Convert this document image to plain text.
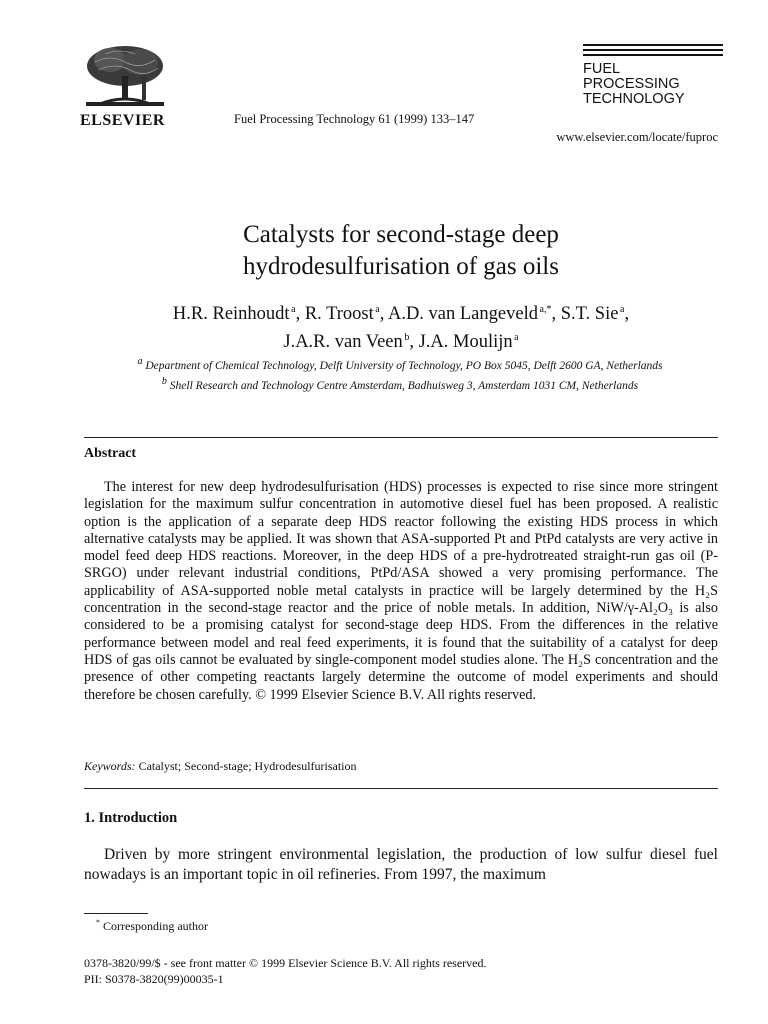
ELSEVIER	Fuel Processing Technology 61 (1999) 133–147
FUEL
PROCESSING
TECHNOLOGY
www.elsevier.com/locate/fuproc
Catalysts for second-stage deep
hydrodesulfurisation of gas oils
H.R. Reinhoudt  $^a$, R. Troost  $^a$, A.D. van Langeveld  $^{a,*}$, S.T. Sie  $^a$,
J.A.R. van Veen  $^b$, J.A. Moulijn  $^a$
$^a$ Department of Chemical Technology, Delft University of Technology, PO Box 5045, Delft 2600 GA, Netherlands
$^b$ Shell Research and Technology Centre Amsterdam, Badhuisweg 3, Amsterdam 1031 CM, Netherlands
Abstract

The interest for new deep hydrodesulfurisation (HDS) processes is expected to rise since more stringent legislation for the maximum sulfur concentration in automotive diesel fuel has been proposed. A realistic option is the application of a separate deep HDS reactor following the existing HDS process in which alternative catalysts may be applied. It was shown that ASA-supported Pt and PtPd catalysts are very active in model feed deep HDS reactions. Moreover, in the deep HDS of a pre-hydrotreated straight-run gas oil (P-SRGO) under relevant industrial conditions, PtPd/ASA showed a very promising performance. The applicability of ASA-supported noble metal catalysts in practice will be largely determined by the H₂S concentration in the second-stage reactor and the price of noble metals. In addition, NiW/γ-Al₂O₃ is also considered to be a promising catalyst for second-stage deep HDS. From the differences in the relative performance between model and real feed experiments, it is found that the suitability of a catalyst for deep HDS of gas oils cannot be evaluated by single-component model studies alone. The H₂S concentration and the presence of other competing reactants largely determine the outcome of model experiments and should therefore be chosen carefully. © 1999 Elsevier Science B.V. All rights reserved.

Keywords: Catalyst; Second-stage; Hydrodesulfurisation
1. Introduction

Driven by more stringent environmental legislation, the production of low sulfur diesel fuel nowadays is an important topic in oil refineries. From 1997, the maximum

* Corresponding author
0378-3820/99/$ - see front matter © 1999 Elsevier Science B.V. All rights reserved.
PII: S0378-3820(99)00035-1
